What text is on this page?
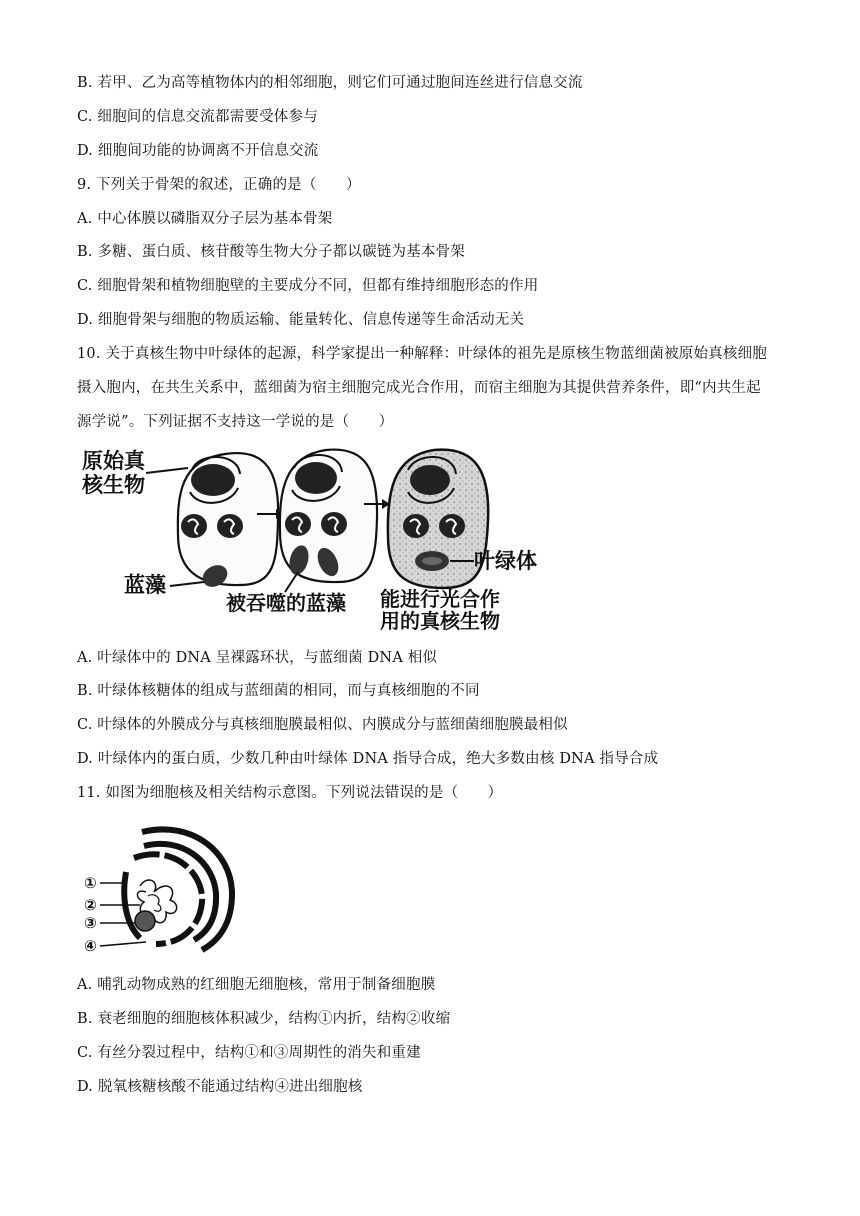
B. 若甲、乙为高等植物体内的相邻细胞，则它们可通过胞间连丝进行信息交流
C. 细胞间的信息交流都需要受体参与
D. 细胞间功能的协调离不开信息交流
9. 下列关于骨架的叙述，正确的是（　　）
A. 中心体膜以磷脂双分子层为基本骨架
B. 多糖、蛋白质、核苷酸等生物大分子都以碳链为基本骨架
C. 细胞骨架和植物细胞壁的主要成分不同，但都有维持细胞形态的作用
D. 细胞骨架与细胞的物质运输、能量转化、信息传递等生命活动无关
10. 关于真核生物中叶绿体的起源，科学家提出一种解释：叶绿体的祖先是原核生物蓝细菌被原始真核细胞
摄入胞内，在共生关系中，蓝细菌为宿主细胞完成光合作用，而宿主细胞为其提供营养条件，即“内共生起
源学说”。下列证据不支持这一学说的是（　　）
原始真
核生物
蓝藻
被吞噬的蓝藻
叶绿体
能进行光合作
用的真核生物
A. 叶绿体中的 DNA 呈裸露环状，与蓝细菌 DNA 相似
B. 叶绿体核糖体的组成与蓝细菌的相同，而与真核细胞的不同
C. 叶绿体的外膜成分与真核细胞膜最相似、内膜成分与蓝细菌细胞膜最相似
D. 叶绿体内的蛋白质，少数几种由叶绿体 DNA 指导合成，绝大多数由核 DNA 指导合成
11. 如图为细胞核及相关结构示意图。下列说法错误的是（　　）
①
②
③
④
A. 哺乳动物成熟的红细胞无细胞核，常用于制备细胞膜
B. 衰老细胞的细胞核体积减少，结构①内折，结构②收缩
C. 有丝分裂过程中，结构①和③周期性的消失和重建
D. 脱氧核糖核酸不能通过结构④进出细胞核
